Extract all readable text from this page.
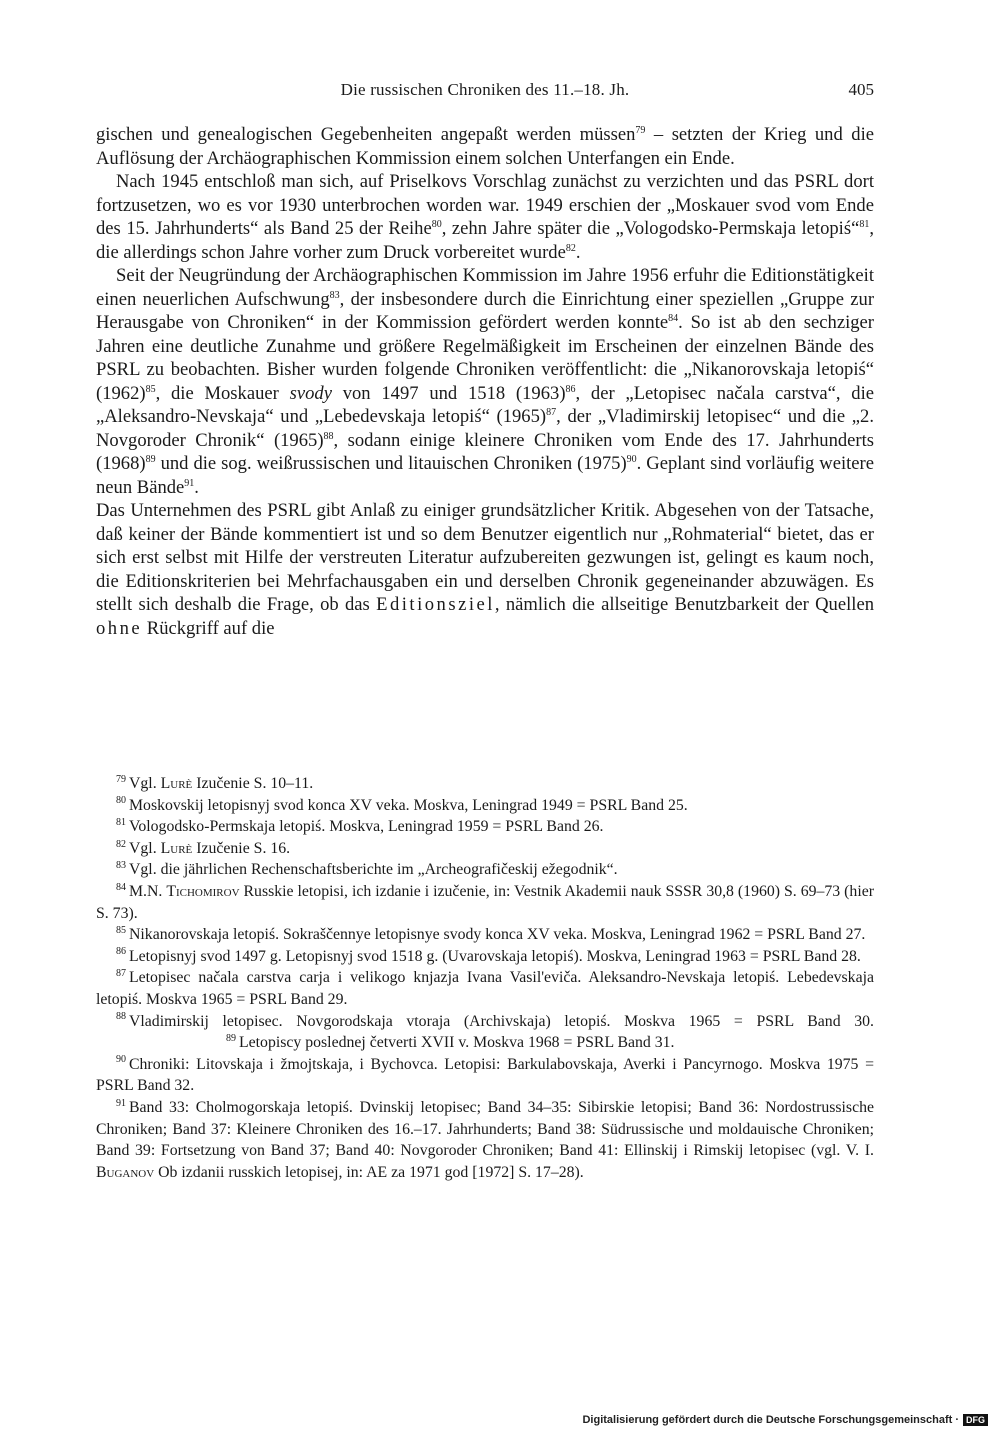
Die russischen Chroniken des 11.–18. Jh.	405

gischen und genealogischen Gegebenheiten angepaßt werden müssen$^{79}$ – setzten der Krieg und die Auflösung der Archäographischen Kommission einem solchen Unterfangen ein Ende.

Nach 1945 entschloß man sich, auf Priselkovs Vorschlag zunächst zu verzichten und das PSRL dort fortzusetzen, wo es vor 1930 unterbrochen worden war. 1949 erschien der „Moskauer svod vom Ende des 15. Jahrhunderts“ als Band 25 der Reihe$^{80}$, zehn Jahre später die „Vologodsko-Permskaja letopiś“$^{81}$, die allerdings schon Jahre vorher zum Druck vorbereitet wurde$^{82}$.

Seit der Neugründung der Archäographischen Kommission im Jahre 1956 erfuhr die Editionstätigkeit einen neuerlichen Aufschwung$^{83}$, der insbesondere durch die Einrichtung einer speziellen „Gruppe zur Herausgabe von Chroniken“ in der Kommission gefördert werden konnte$^{84}$. So ist ab den sechziger Jahren eine deutliche Zunahme und größere Regelmäßigkeit im Erscheinen der einzelnen Bände des PSRL zu beobachten. Bisher wurden folgende Chroniken veröffentlicht: die „Nikanorovskaja letopiś“ $(1962)^{85}$, die Moskauer svody von 1497 und 1518 $(1963)^{86}$, der „Letopisec načala carstva“, die „Aleksandro-Nevskaja“ und „Lebedevskaja letopiś“ $(1965)^{87}$, der „Vladimirskij letopisec“ und die „2. Novgoroder Chronik“ $(1965)^{88}$, sodann einige kleinere Chroniken vom Ende des 17. Jahrhunderts $(1968)^{89}$ und die sog. weißrussischen und litauischen Chroniken $(1975)^{90}$. Geplant sind vorläufig weitere neun Bände$^{91}$.

Das Unternehmen des PSRL gibt Anlaß zu einiger grundsätzlicher Kritik. Abgesehen von der Tatsache, daß keiner der Bände kommentiert ist und so dem Benutzer eigentlich nur „Rohmaterial“ bietet, das er sich erst selbst mit Hilfe der verstreuten Literatur aufzubereiten gezwungen ist, gelingt es kaum noch, die Editionskriterien bei Mehrfachausgaben ein und derselben Chronik gegeneinander abzuwägen. Es stellt sich deshalb die Frage, ob das Editionsziel, nämlich die allseitige Benutzbarkeit der Quellen ohne Rückgriff auf die

$^{79}$ Vgl. Lurè Izučenie S. 10–11.

$^{80}$ Moskovskij letopisnyj svod konca XV veka. Moskva, Leningrad 1949 = PSRL Band 25.

$^{81}$ Vologodsko-Permskaja letopiś. Moskva, Leningrad 1959 = PSRL Band 26.

$^{82}$ Vgl. Lurè Izučenie S. 16.

$^{83}$ Vgl. die jährlichen Rechenschaftsberichte im „Archeografičeskij ežegodnik“.

$^{84}$ M.N. Tichomirov Russkie letopisi, ich izdanie i izučenie, in: Vestnik Akademii nauk SSSR 30,8 (1960) S. 69–73 (hier S. 73).

$^{85}$ Nikanorovskaja letopiś. Sokraščennye letopisnye svody konca XV veka. Moskva, Leningrad 1962 = PSRL Band 27.

$^{86}$ Letopisnyj svod 1497 g. Letopisnyj svod 1518 g. (Uvarovskaja letopiś). Moskva, Leningrad 1963 = PSRL Band 28.

$^{87}$ Letopisec načala carstva carja i velikogo knjazja Ivana Vasil'eviča. Aleksandro-Nevskaja letopiś. Lebedevskaja letopiś. Moskva 1965 = PSRL Band 29.

$^{88}$ Vladimirskij letopisec. Novgorodskaja vtoraja (Archivskaja) letopiś. Moskva 1965 = PSRL Band 30.89 Letopiscy poslednej četverti XVII v. Moskva 1968 = PSRL Band 31.

$^{90}$ Chroniki: Litovskaja i žmojtskaja, i Bychovca. Letopisi: Barkulabovskaja, Averki i Pancyrnogo. Moskva 1975 = PSRL Band 32.

$^{91}$ Band 33: Cholmogorskaja letopiś. Dvinskij letopisec; Band 34–35: Sibirskie letopisi; Band 36: Nordostrussische Chroniken; Band 37: Kleinere Chroniken des 16.–17. Jahrhunderts; Band 38: Südrussische und moldauische Chroniken; Band 39: Fortsetzung von Band 37; Band 40: Novgoroder Chroniken; Band 41: Ellinskij i Rimskij letopisec (vgl. V. I. Buganov Ob izdanii russkich letopisej, in: AE za 1971 god [1972] S. 17–28).

Digitalisierung gefördert durch die Deutsche Forschungsgemeinschaft · DFG
